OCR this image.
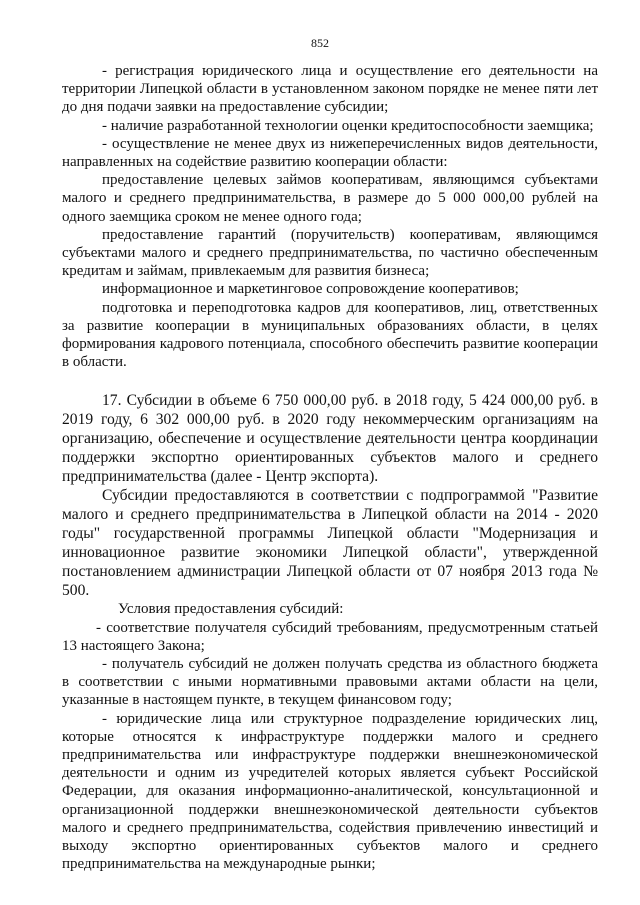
852

- регистрация юридического лица и осуществление его деятельности на территории Липецкой области в установленном законом порядке не менее пяти лет до дня подачи заявки на предоставление субсидии;

- наличие разработанной технологии оценки кредитоспособности заемщика;

- осуществление не менее двух из нижеперечисленных видов деятельности, направленных на содействие развитию кооперации области:

предоставление целевых займов кооперативам, являющимся субъектами малого и среднего предпринимательства, в размере до 5 000 000,00 рублей на одного заемщика сроком не менее одного года;

предоставление гарантий (поручительств) кооперативам, являющимся субъектами малого и среднего предпринимательства, по частично обеспеченным кредитам и займам, привлекаемым для развития бизнеса;

информационное и маркетинговое сопровождение кооперативов;

подготовка и переподготовка кадров для кооперативов, лиц, ответственных за развитие кооперации в муниципальных образованиях области, в целях формирования кадрового потенциала, способного обеспечить развитие кооперации в области.

17. Субсидии в объеме 6 750 000,00 руб. в 2018 году, 5 424 000,00 руб. в 2019 году, 6 302 000,00 руб. в 2020 году некоммерческим организациям на организацию, обеспечение и осуществление деятельности центра координации поддержки экспортно ориентированных субъектов малого и среднего предпринимательства (далее - Центр экспорта).

Субсидии предоставляются в соответствии с подпрограммой "Развитие малого и среднего предпринимательства в Липецкой области на 2014 - 2020 годы" государственной программы Липецкой области "Модернизация и инновационное развитие экономики Липецкой области", утвержденной постановлением администрации Липецкой области от 07 ноября 2013 года № 500.

Условия предоставления субсидий:

- соответствие получателя субсидий требованиям, предусмотренным статьей 13 настоящего Закона;

- получатель субсидий не должен получать средства из областного бюджета в соответствии с иными нормативными правовыми актами области на цели, указанные в настоящем пункте, в текущем финансовом году;

- юридические лица или структурное подразделение юридических лиц, которые относятся к инфраструктуре поддержки малого и среднего предпринимательства или инфраструктуре поддержки внешнеэкономической деятельности и одним из учредителей которых является субъект Российской Федерации, для оказания информационно-аналитической, консультационной и организационной поддержки внешнеэкономической деятельности субъектов малого и среднего предпринимательства, содействия привлечению инвестиций и выходу экспортно ориентированных субъектов малого и среднего предпринимательства на международные рынки;
